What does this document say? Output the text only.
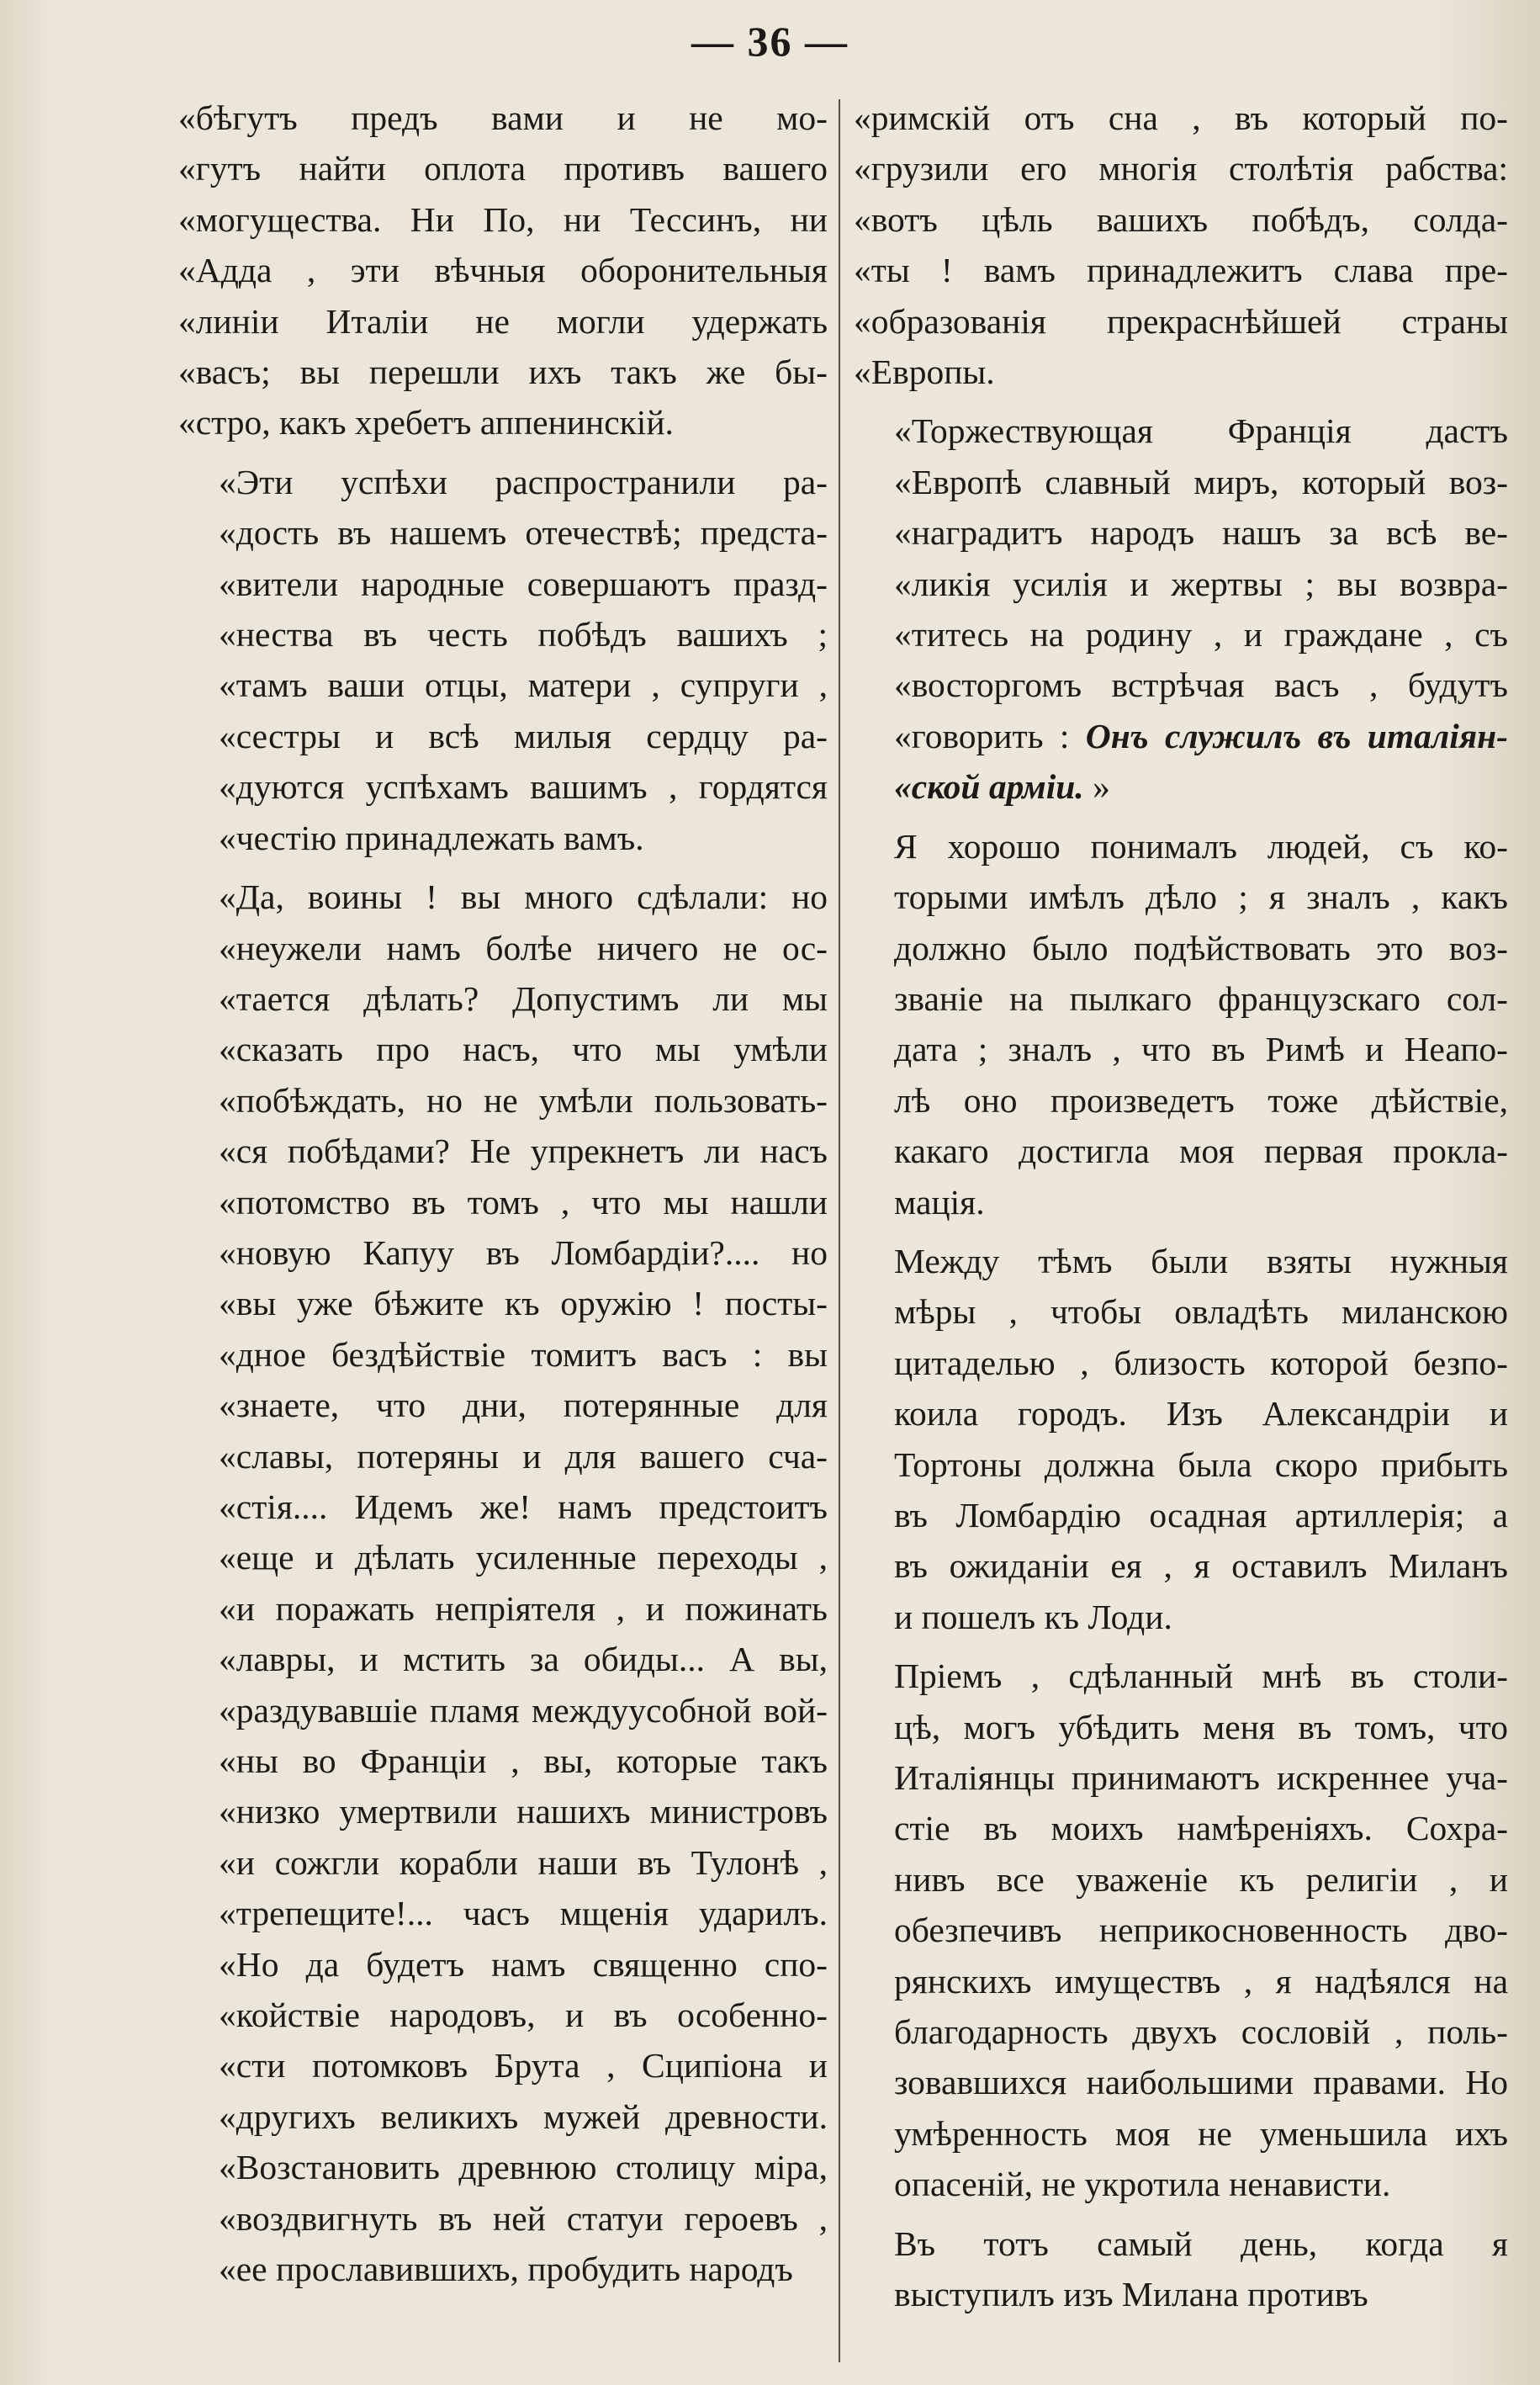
— 36 —
«бѣгутъ предъ вами и не мо-
«гутъ найти оплота противъ вашего
«могущества. Ни По, ни Тессинъ, ни
«Адда , эти вѣчныя оборонительныя
«линіи Италіи не могли удержать
«васъ; вы перешли ихъ такъ же бы-
«стро, какъ хребетъ аппенинскій.
«Эти успѣхи распространили ра-
«дость въ нашемъ отечествѣ; предста-
«вители народные совершаютъ празд-
«нества въ честь побѣдъ вашихъ ;
«тамъ ваши отцы, матери , супруги ,
«сестры и всѣ милыя сердцу ра-
«дуются успѣхамъ вашимъ , гордятся
«честію принадлежать вамъ.
«Да, воины ! вы много сдѣлали: но
«неужели намъ болѣе ничего не ос-
«тается дѣлать? Допустимъ ли мы
«сказать про насъ, что мы умѣли
«побѣждать, но не умѣли пользовать-
«ся побѣдами? Не упрекнетъ ли насъ
«потомство въ томъ , что мы нашли
«новую Капуу въ Ломбардіи?.... но
«вы уже бѣжите къ оружію ! посты-
«дное бездѣйствіе томитъ васъ : вы
«знаете, что дни, потерянные для
«славы, потеряны и для вашего сча-
«стія.... Идемъ же! намъ предстоитъ
«еще и дѣлать усиленные переходы ,
«и поражать непріятеля , и пожинать
«лавры, и мстить за обиды... А вы,
«раздувавшіе пламя междуусобной вой-
«ны во Франціи , вы, которые такъ
«низко умертвили нашихъ министровъ
«и сожгли корабли наши въ Тулонѣ ,
«трепещите!... часъ мщенія ударилъ.
«Но да будетъ намъ священно спо-
«койствіе народовъ, и въ особенно-
«сти потомковъ Брута , Сципіона и
«другихъ великихъ мужей древности.
«Возстановить древнюю столицу міра,
«воздвигнуть въ ней статуи героевъ ,
«ее прославившихъ, пробудить народъ
«римскій отъ сна , въ который по-
«грузили его многія столѣтія рабства:
«вотъ цѣль вашихъ побѣдъ, солда-
«ты ! вамъ принадлежитъ слава пре-
«образованія прекраснѣйшей страны
«Европы.
«Торжествующая Франція дастъ
«Европѣ славный миръ, который воз-
«наградитъ народъ нашъ за всѣ ве-
«ликія усилія и жертвы ; вы возвра-
«титесь на родину , и граждане , съ
«восторгомъ встрѣчая васъ , будутъ
«говорить : Онъ служилъ въ италіян-
«ской арміи. »
Я хорошо понималъ людей, съ ко-
торыми имѣлъ дѣло ; я зналъ , какъ
должно было подѣйствовать это воз-
званіе на пылкаго французскаго сол-
дата ; зналъ , что въ Римѣ и Неапо-
лѣ оно произведетъ тоже дѣйствіе,
какаго достигла моя первая прокла-
мація.
Между тѣмъ были взяты нужныя
мѣры , чтобы овладѣть миланскою
цитаделью , близость которой безпо-
коила городъ. Изъ Александріи и
Тортоны должна была скоро прибыть
въ Ломбардію осадная артиллерія; а
въ ожиданіи ея , я оставилъ Миланъ
и пошелъ къ Лоди.
Пріемъ , сдѣланный мнѣ въ столи-
цѣ, могъ убѣдить меня въ томъ, что
Италіянцы принимаютъ искреннее уча-
стіе въ моихъ намѣреніяхъ. Сохра-
нивъ все уваженіе къ религіи , и
обезпечивъ неприкосновенность дво-
рянскихъ имуществъ , я надѣялся на
благодарность двухъ сословій , поль-
зовавшихся наибольшими правами. Но
умѣренность моя не уменьшила ихъ
опасеній, не укротила ненависти.
Въ тотъ самый день, когда я
выступилъ изъ Милана противъ
